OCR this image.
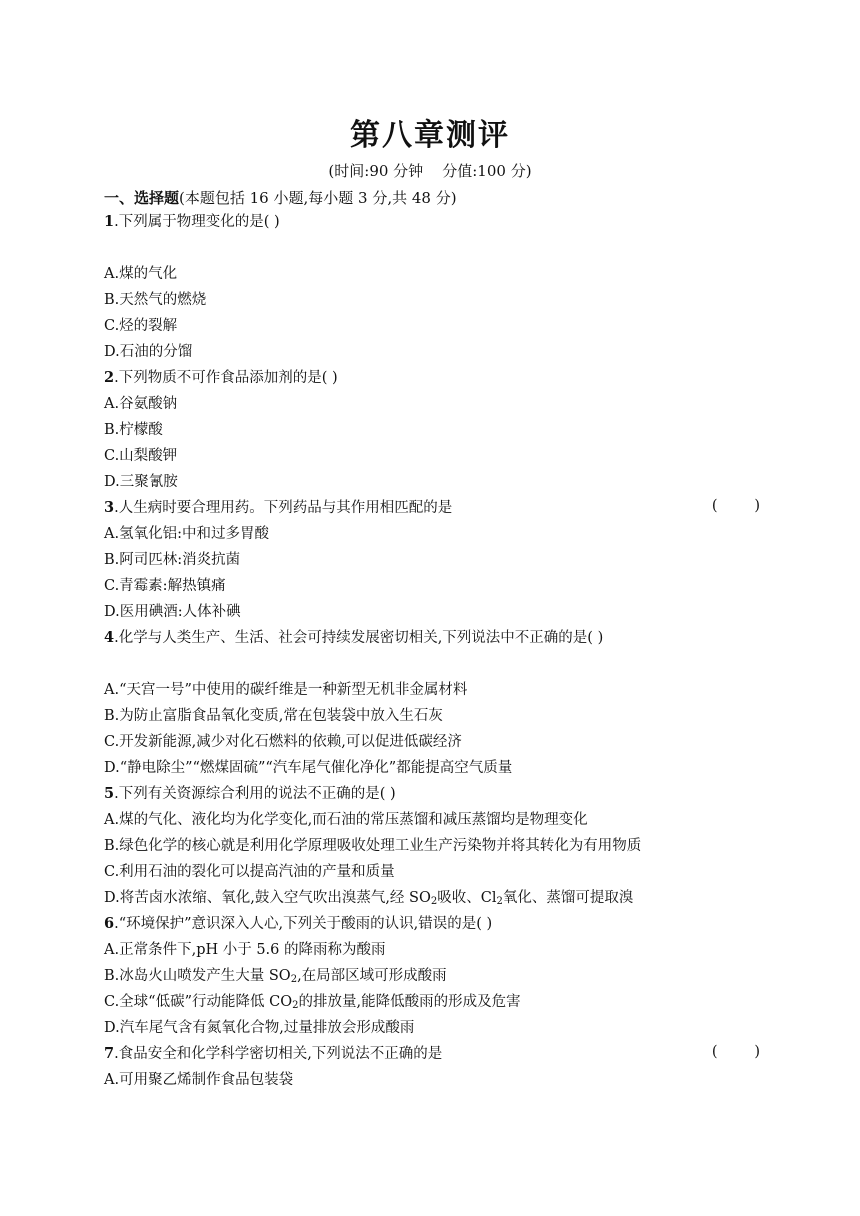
第八章测评
(时间:90 分钟    分值:100 分)
一、选择题(本题包括 16 小题,每小题 3 分,共 48 分)
1.下列属于物理变化的是( )
A.煤的气化
B.天然气的燃烧
C.烃的裂解
D.石油的分馏
2.下列物质不可作食品添加剂的是( )
A.谷氨酸钠
B.柠檬酸
C.山梨酸钾
D.三聚氰胺
3.人生病时要合理用药。下列药品与其作用相匹配的是	(        )
A.氢氧化铝:中和过多胃酸
B.阿司匹林:消炎抗菌
C.青霉素:解热镇痛
D.医用碘酒:人体补碘
4.化学与人类生产、生活、社会可持续发展密切相关,下列说法中不正确的是( )
A.“天宫一号”中使用的碳纤维是一种新型无机非金属材料
B.为防止富脂食品氧化变质,常在包装袋中放入生石灰
C.开发新能源,减少对化石燃料的依赖,可以促进低碳经济
D.“静电除尘”“燃煤固硫”“汽车尾气催化净化”都能提高空气质量
5.下列有关资源综合利用的说法不正确的是( )
A.煤的气化、液化均为化学变化,而石油的常压蒸馏和减压蒸馏均是物理变化
B.绿色化学的核心就是利用化学原理吸收处理工业生产污染物并将其转化为有用物质
C.利用石油的裂化可以提高汽油的产量和质量
D.将苦卤水浓缩、氧化,鼓入空气吹出溴蒸气,经 $SO_2$吸收、$Cl_2$氧化、蒸馏可提取溴
6.“环境保护”意识深入人心,下列关于酸雨的认识,错误的是( )
A.正常条件下,pH 小于 5.6 的降雨称为酸雨
B.冰岛火山喷发产生大量 $SO_2$,在局部区域可形成酸雨
C.全球“低碳”行动能降低 $CO_2$的排放量,能降低酸雨的形成及危害
D.汽车尾气含有氮氧化合物,过量排放会形成酸雨
7.食品安全和化学科学密切相关,下列说法不正确的是	(        )
A.可用聚乙烯制作食品包装袋
